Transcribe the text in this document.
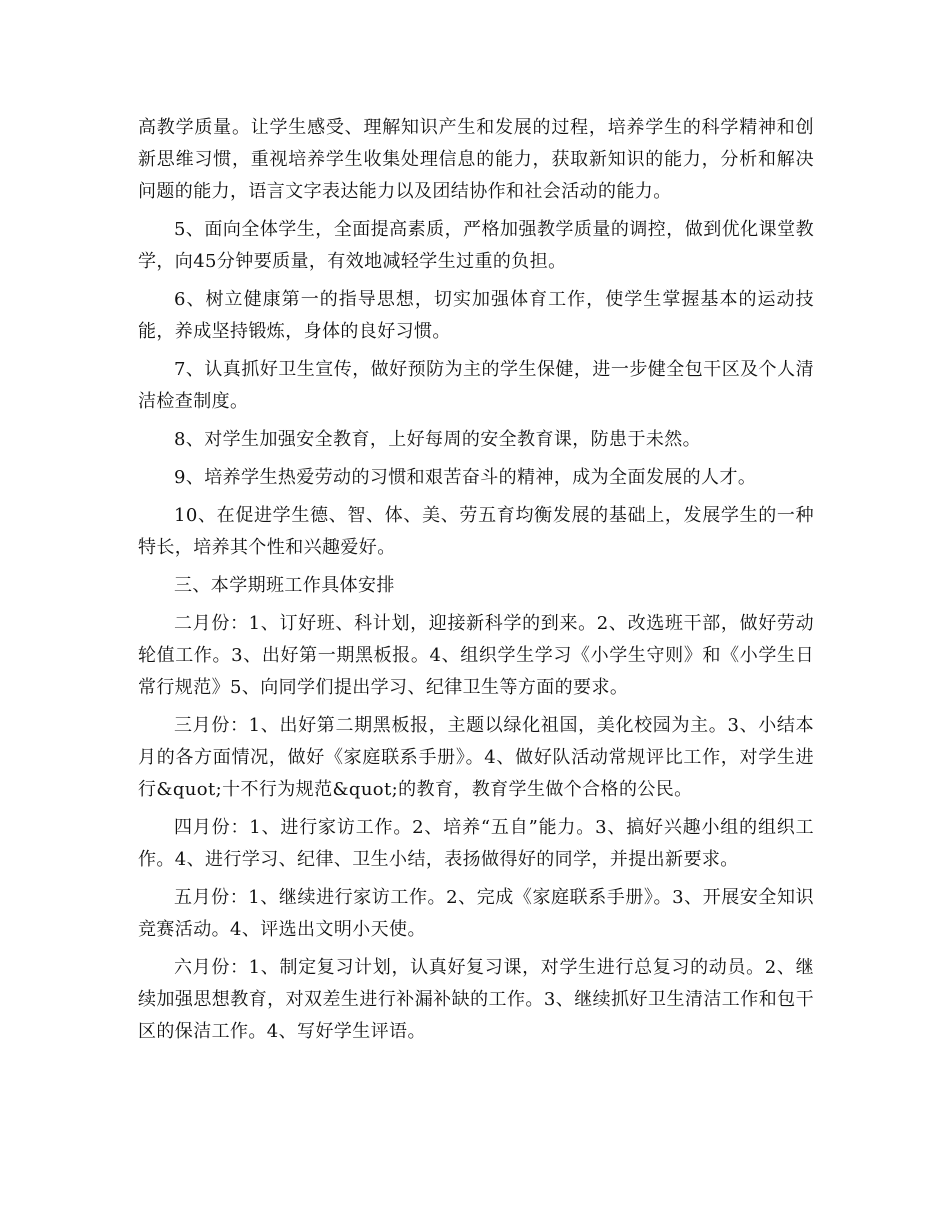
高教学质量。让学生感受、理解知识产生和发展的过程，培养学生的科学精神和创新思维习惯，重视培养学生收集处理信息的能力，获取新知识的能力，分析和解决问题的能力，语言文字表达能力以及团结协作和社会活动的能力。

5、面向全体学生，全面提高素质，严格加强教学质量的调控，做到优化课堂教学，向45分钟要质量，有效地减轻学生过重的负担。

6、树立健康第一的指导思想，切实加强体育工作，使学生掌握基本的运动技能，养成坚持锻炼，身体的良好习惯。

7、认真抓好卫生宣传，做好预防为主的学生保健，进一步健全包干区及个人清洁检查制度。

8、对学生加强安全教育，上好每周的安全教育课，防患于未然。

9、培养学生热爱劳动的习惯和艰苦奋斗的精神，成为全面发展的人才。

10、在促进学生德、智、体、美、劳五育均衡发展的基础上，发展学生的一种特长，培养其个性和兴趣爱好。

三、本学期班工作具体安排

二月份：1、订好班、科计划，迎接新科学的到来。2、改选班干部，做好劳动轮值工作。3、出好第一期黑板报。4、组织学生学习《小学生守则》和《小学生日常行规范》5、向同学们提出学习、纪律卫生等方面的要求。

三月份：1、出好第二期黑板报，主题以绿化祖国，美化校园为主。3、小结本月的各方面情况，做好《家庭联系手册》。4、做好队活动常规评比工作，对学生进行&quot;十不行为规范&quot;的教育，教育学生做个合格的公民。

四月份：1、进行家访工作。2、培养“五自”能力。3、搞好兴趣小组的组织工作。4、进行学习、纪律、卫生小结，表扬做得好的同学，并提出新要求。

五月份：1、继续进行家访工作。2、完成《家庭联系手册》。3、开展安全知识竞赛活动。4、评选出文明小天使。

六月份：1、制定复习计划，认真好复习课，对学生进行总复习的动员。2、继续加强思想教育，对双差生进行补漏补缺的工作。3、继续抓好卫生清洁工作和包干区的保洁工作。4、写好学生评语。
